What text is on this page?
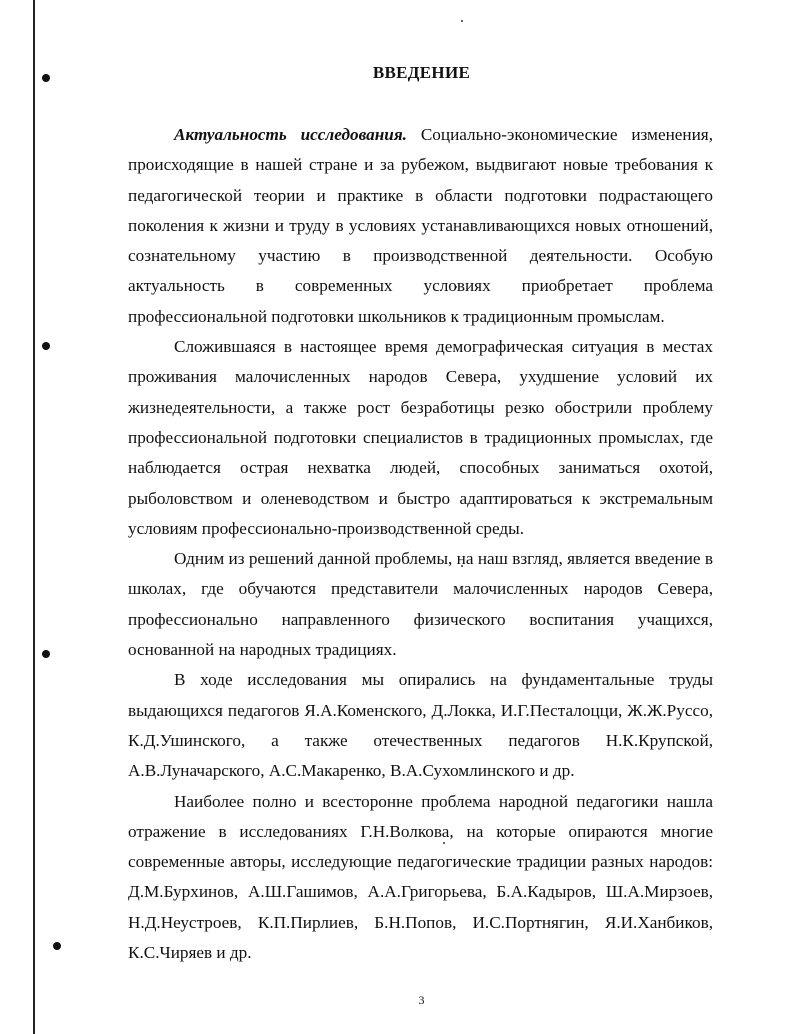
ВВЕДЕНИЕ

Актуальность исследования. Социально-экономические изменения, происходящие в нашей стране и за рубежом, выдвигают новые требования к педагогической теории и практике в области подготовки подрастающего поколения к жизни и труду в условиях устанавливающихся новых отношений, сознательному участию в производственной деятельности. Особую актуальность в современных условиях приобретает проблема профессиональной подготовки школьников к традиционным промыслам.

Сложившаяся в настоящее время демографическая ситуация в местах проживания малочисленных народов Севера, ухудшение условий их жизнедеятельности, а также рост безработицы резко обострили проблему профессиональной подготовки специалистов в традиционных промыслах, где наблюдается острая нехватка людей, способных заниматься охотой, рыболовством и оленеводством и быстро адаптироваться к экстремальным условиям профессионально-производственной среды.

Одним из решений данной проблемы, на наш взгляд, является введение в школах, где обучаются представители малочисленных народов Севера, профессионально направленного физического воспитания учащихся, основанной на народных традициях.

В ходе исследования мы опирались на фундаментальные труды выдающихся педагогов Я.А.Коменского, Д.Локка, И.Г.Песталоцци, Ж.Ж.Руссо, К.Д.Ушинского, а также отечественных педагогов Н.К.Крупской, А.В.Луначарского, А.С.Макаренко, В.А.Сухомлинского и др.

Наиболее полно и всесторонне проблема народной педагогики нашла отражение в исследованиях Г.Н.Волкова, на которые опираются многие современные авторы, исследующие педагогические традиции разных народов: Д.М.Бурхинов, А.Ш.Гашимов, А.А.Григорьева, Б.А.Кадыров, Ш.А.Мирзоев, Н.Д.Неустроев, К.П.Пирлиев, Б.Н.Попов, И.С.Портнягин, Я.И.Ханбиков, К.С.Чиряев и др.

3
